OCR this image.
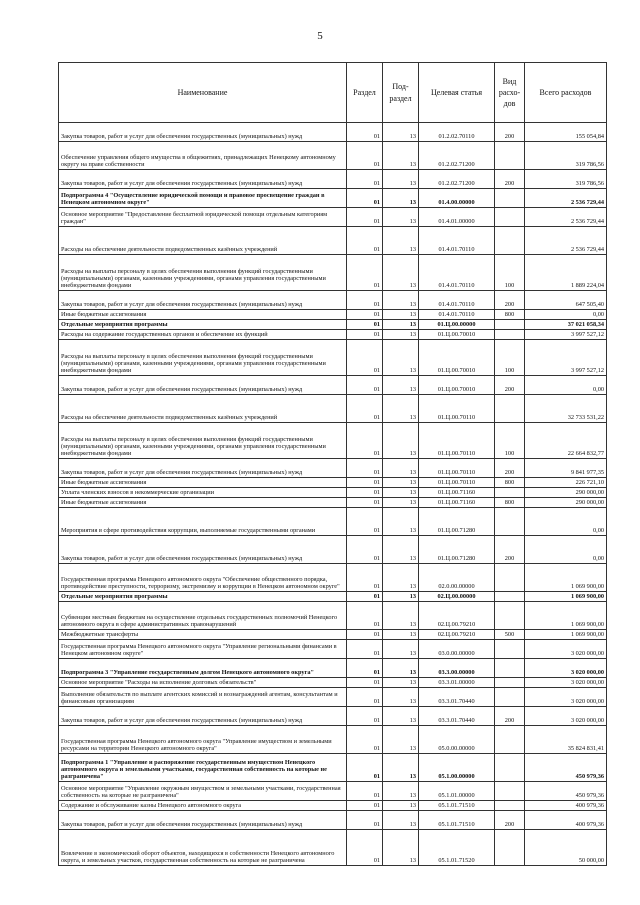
5
Наименование	Раздел	Под-раздел	Целевая статья	Вид расхо-дов	Всего расходов
Закупка товаров, работ и услуг для обеспечения государственных (муниципальных) нужд	01	13	01.2.02.70110	200	155 054,84
Обеспечение управления общего имущества в общежитиях, принадлежащих Ненецкому автономному округу на праве собственности	01	13	01.2.02.71200		319 786,56
Закупка товаров, работ и услуг для обеспечения государственных (муниципальных) нужд	01	13	01.2.02.71200	200	319 786,56
Подпрограмма 4 "Осуществление юридической помощи и правовое просвещение граждан в Ненецком автономном округе"	01	13	01.4.00.00000		2 536 729,44
Основное мероприятие "Предоставление бесплатной юридической помощи отдельным категориям граждан"	01	13	01.4.01.00000		2 536 729,44
Расходы на обеспечение деятельности подведомственных казённых учреждений	01	13	01.4.01.70110		2 536 729,44
Расходы на выплаты персоналу в целях обеспечения выполнения функций государственными (муниципальными) органами, казенными учреждениями, органами управления государственными внебюджетными фондами	01	13	01.4.01.70110	100	1 889 224,04
Закупка товаров, работ и услуг для обеспечения государственных (муниципальных) нужд	01	13	01.4.01.70110	200	647 505,40
Иные бюджетные ассигнования	01	13	01.4.01.70110	800	0,00
Отдельные мероприятия программы	01	13	01.Ц.00.00000		37 021 058,34
Расходы на содержание государственных органов и обеспечение их функций	01	13	01.Ц.00.70010		3 997 527,12
Расходы на выплаты персоналу в целях обеспечения выполнения функций государственными (муниципальными) органами, казенными учреждениями, органами управления государственными внебюджетными фондами	01	13	01.Ц.00.70010	100	3 997 527,12
Закупка товаров, работ и услуг для обеспечения государственных (муниципальных) нужд	01	13	01.Ц.00.70010	200	0,00
Расходы на обеспечение деятельности подведомственных казённых учреждений	01	13	01.Ц.00.70110		32 733 531,22
Расходы на выплаты персоналу в целях обеспечения выполнения функций государственными (муниципальными) органами, казенными учреждениями, органами управления государственными внебюджетными фондами	01	13	01.Ц.00.70110	100	22 664 832,77
Закупка товаров, работ и услуг для обеспечения государственных (муниципальных) нужд	01	13	01.Ц.00.70110	200	9 841 977,35
Иные бюджетные ассигнования	01	13	01.Ц.00.70110	800	226 721,10
Уплата членских взносов в некоммерческие организации	01	13	01.Ц.00.71160		290 000,00
Иные бюджетные ассигнования	01	13	01.Ц.00.71160	800	290 000,00
Мероприятия в сфере противодействия коррупции, выполняемые государственными органами	01	13	01.Ц.00.71280		0,00
Закупка товаров, работ и услуг для обеспечения государственных (муниципальных) нужд	01	13	01.Ц.00.71280	200	0,00
Государственная программа Ненецкого автономного округа "Обеспечение общественного порядка, противодействие преступности, терроризму, экстремизму и коррупции в Ненецком автономном округе"	01	13	02.0.00.00000		1 069 900,00
Отдельные мероприятия программы	01	13	02.Ц.00.00000		1 069 900,00
Субвенции местным бюджетам на осуществление отдельных государственных полномочий Ненецкого автономного округа в сфере административных правонарушений	01	13	02.Ц.00.79210		1 069 900,00
Межбюджетные трансферты	01	13	02.Ц.00.79210	500	1 069 900,00
Государственная программа Ненецкого автономного округа "Управление региональными финансами в Ненецком автономном округе"	01	13	03.0.00.00000		3 020 000,00
Подпрограмма 3 "Управление государственным долгом Ненецкого автономного округа"	01	13	03.3.00.00000		3 020 000,00
Основное мероприятие "Расходы на исполнение долговых обязательств"	01	13	03.3.01.00000		3 020 000,00
Выполнение обязательств по выплате агентских комиссий и вознаграждений агентам, консультантам и финансовым организациям	01	13	03.3.01.70440		3 020 000,00
Закупка товаров, работ и услуг для обеспечения государственных (муниципальных) нужд	01	13	03.3.01.70440	200	3 020 000,00
Государственная программа Ненецкого автономного округа "Управление имуществом и земельными ресурсами на территории Ненецкого автономного округа"	01	13	05.0.00.00000		35 824 831,41
Подпрограмма 1 "Управление и распоряжение государственным имуществом Ненецкого автономного округа и земельными участками, государственная собственность на которые не разграничена"	01	13	05.1.00.00000		450 979,36
Основное мероприятие "Управление окружным имуществом и земельными участками, государственная собственность на которые не разграничена"	01	13	05.1.01.00000		450 979,36
Содержание и обслуживание казны Ненецкого автономного округа	01	13	05.1.01.71510		400 979,36
Закупка товаров, работ и услуг для обеспечения государственных (муниципальных) нужд	01	13	05.1.01.71510	200	400 979,36
Вовлечение в экономический оборот объектов, находящихся в собственности Ненецкого автономного округа, и земельных участков, государственная собственность на которые не разграничена	01	13	05.1.01.71520		50 000,00
